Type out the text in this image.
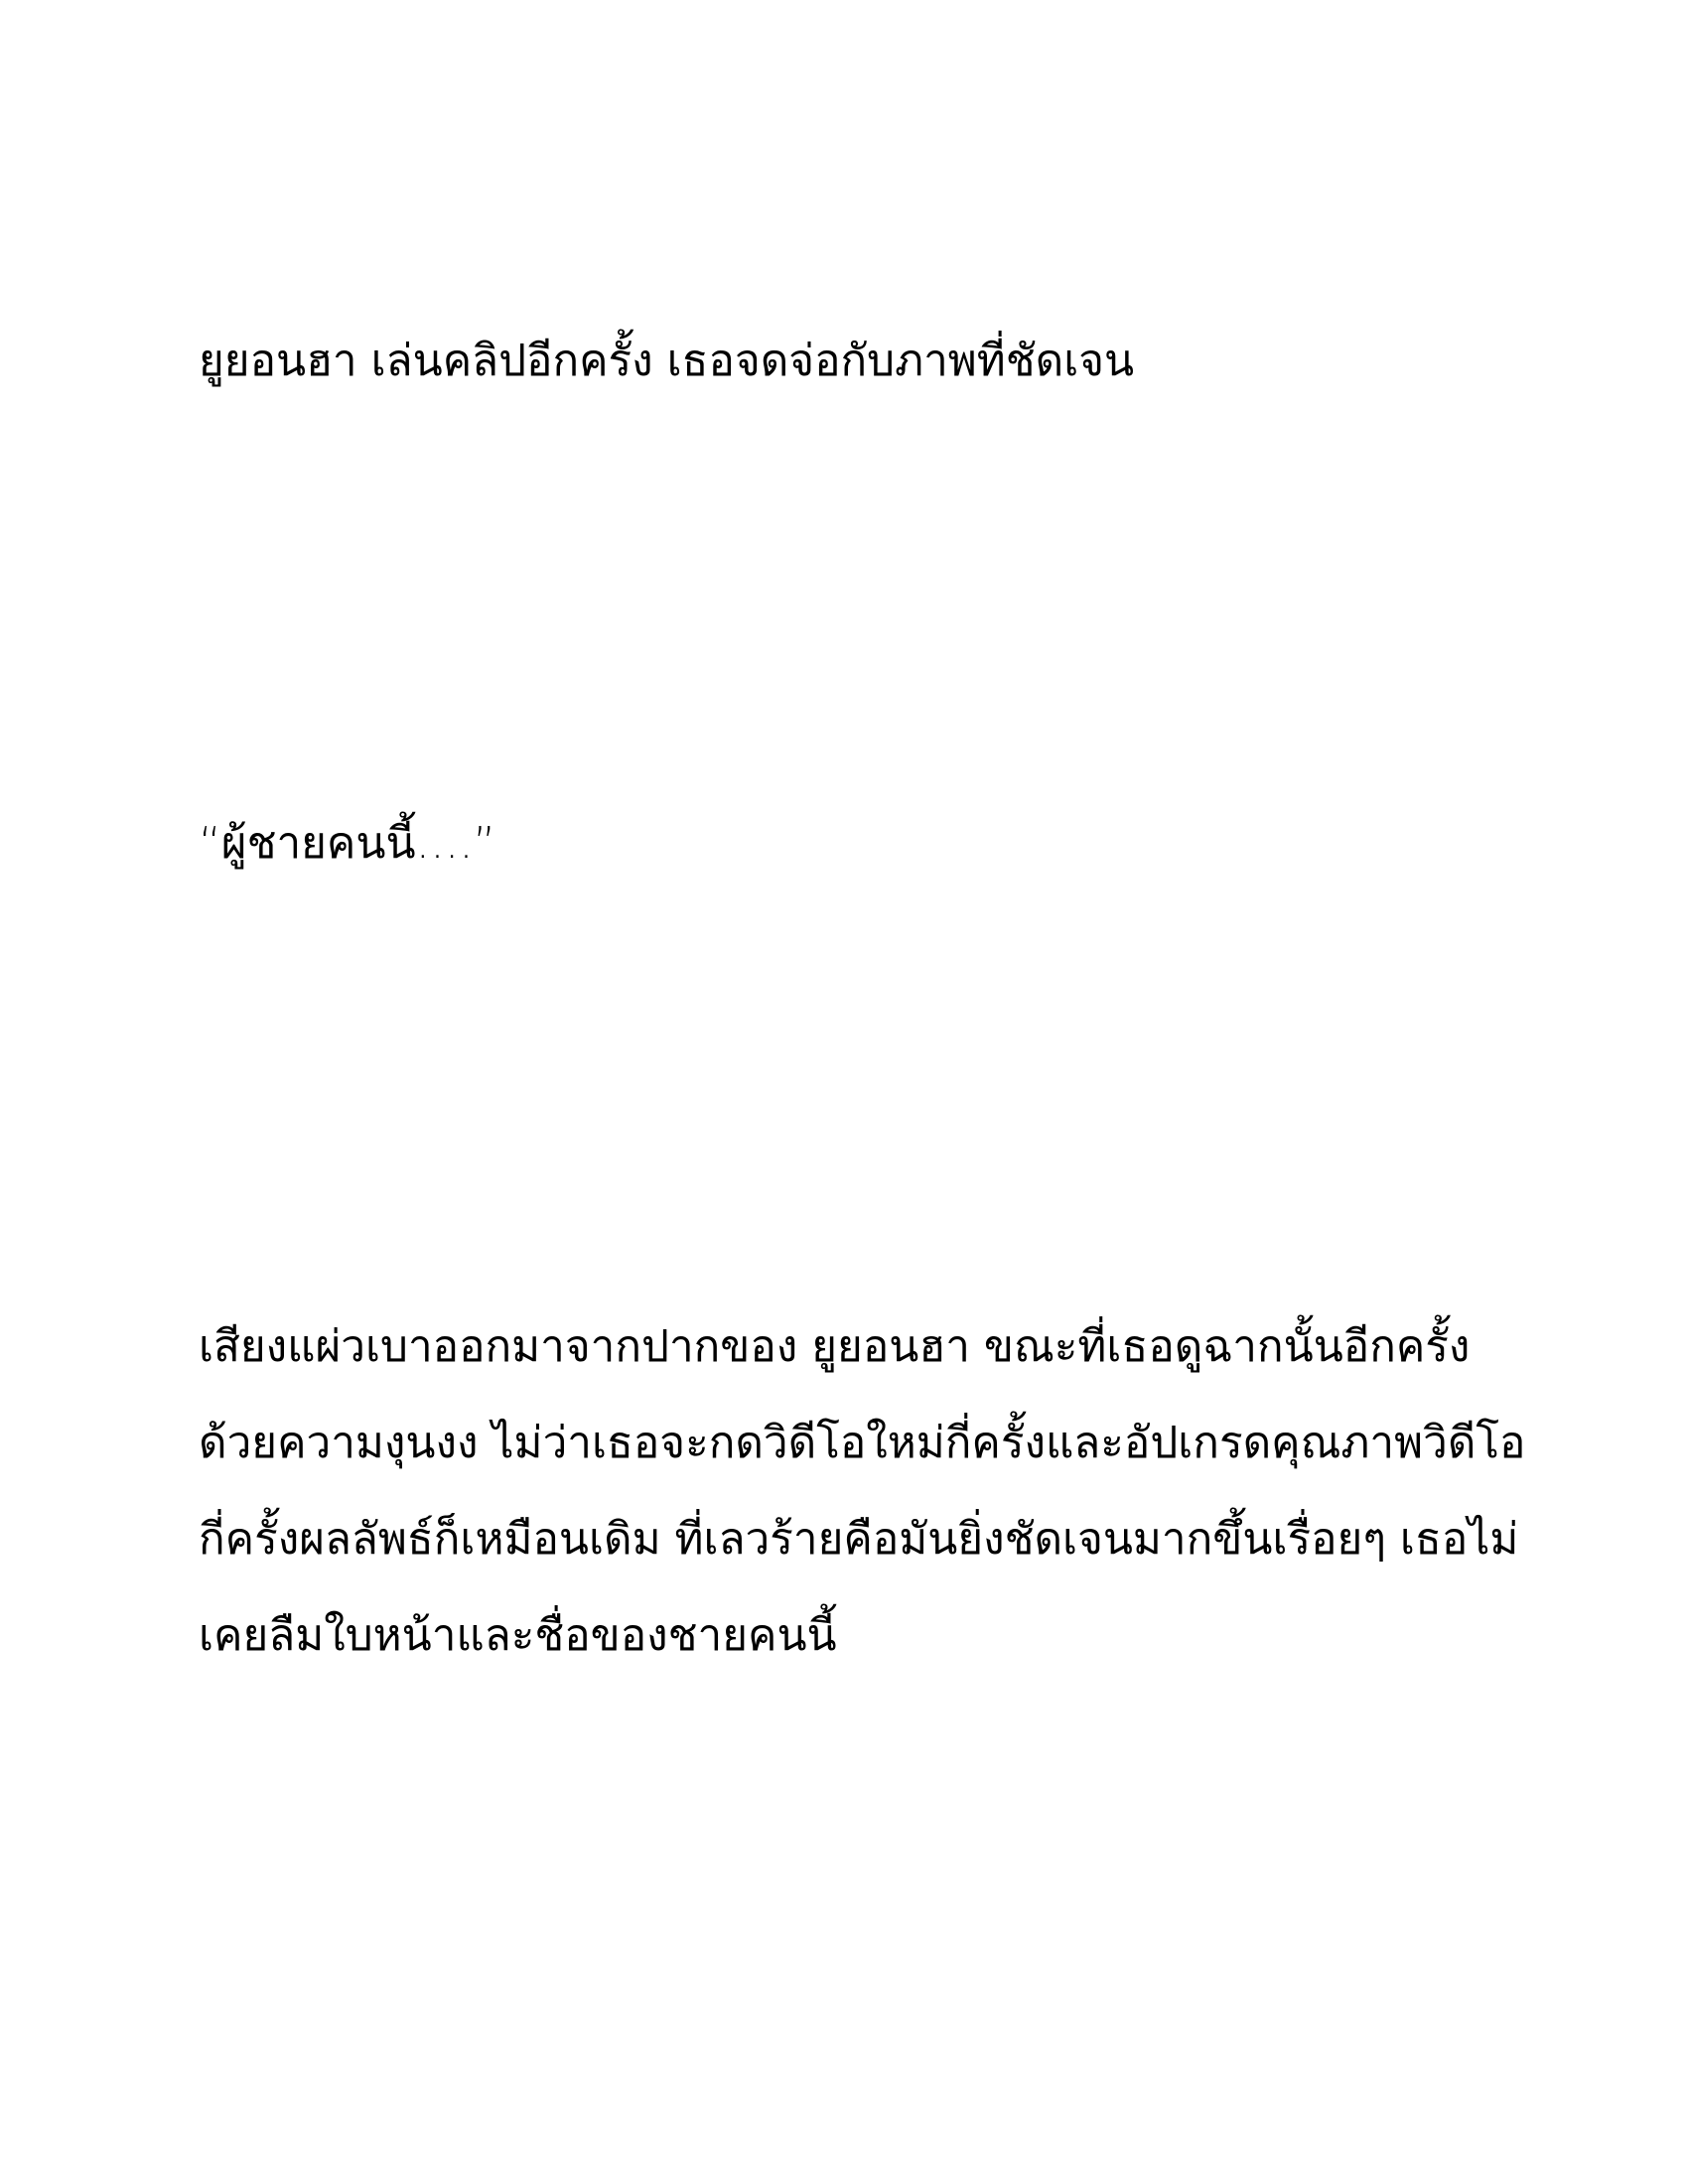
ยูยอนฮา เล่นคลิปอีกครั้ง เธอจดจ่อกับภาพที่ชัดเจน
“ผู้ชายคนนี้….”
เสียงแผ่วเบาออกมาจากปากของ ยูยอนฮา ขณะที่เธอดูฉากนั้นอีกครั้ง
ด้วยความงุนงง ไม่ว่าเธอจะกดวิดีโอใหม่กี่ครั้งและอัปเกรดคุณภาพวิดีโอ
กี่ครั้งผลลัพธ์ก็เหมือนเดิม ที่เลวร้ายคือมันยิ่งชัดเจนมากขึ้นเรื่อยๆ เธอไม่
เคยลืมใบหน้าและชื่อของชายคนนี้
